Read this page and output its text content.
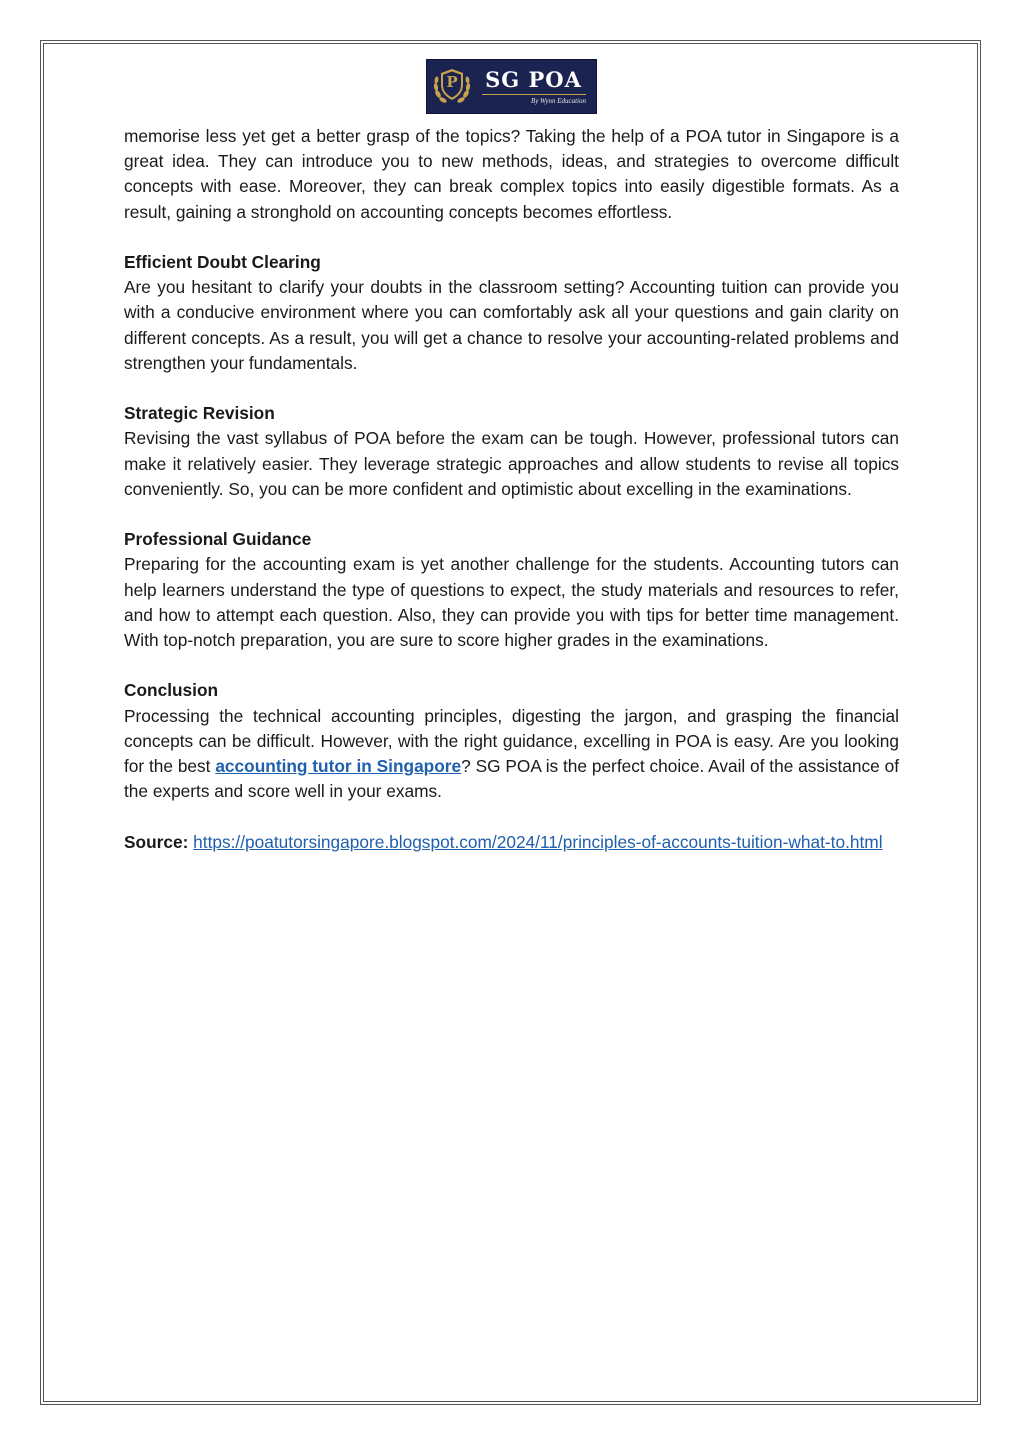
P	SG POA
By Wynn Education

memorise less yet get a better grasp of the topics? Taking the help of a POA tutor in Singapore is a great idea. They can introduce you to new methods, ideas, and strategies to overcome difficult concepts with ease. Moreover, they can break complex topics into easily digestible formats. As a result, gaining a stronghold on accounting concepts becomes effortless.

Efficient Doubt Clearing

Are you hesitant to clarify your doubts in the classroom setting? Accounting tuition can provide you with a conducive environment where you can comfortably ask all your questions and gain clarity on different concepts. As a result, you will get a chance to resolve your accounting-related problems and strengthen your fundamentals.

Strategic Revision

Revising the vast syllabus of POA before the exam can be tough. However, professional tutors can make it relatively easier. They leverage strategic approaches and allow students to revise all topics conveniently. So, you can be more confident and optimistic about excelling in the examinations.

Professional Guidance

Preparing for the accounting exam is yet another challenge for the students. Accounting tutors can help learners understand the type of questions to expect, the study materials and resources to refer, and how to attempt each question. Also, they can provide you with tips for better time management. With top-notch preparation, you are sure to score higher grades in the examinations.

Conclusion

Processing the technical accounting principles, digesting the jargon, and grasping the financial concepts can be difficult. However, with the right guidance, excelling in POA is easy. Are you looking for the best accounting tutor in Singapore? SG POA is the perfect choice. Avail of the assistance of the experts and score well in your exams.

Source: https://poatutorsingapore.blogspot.com/2024/11/principles-of-accounts-tuition-what-to.html
